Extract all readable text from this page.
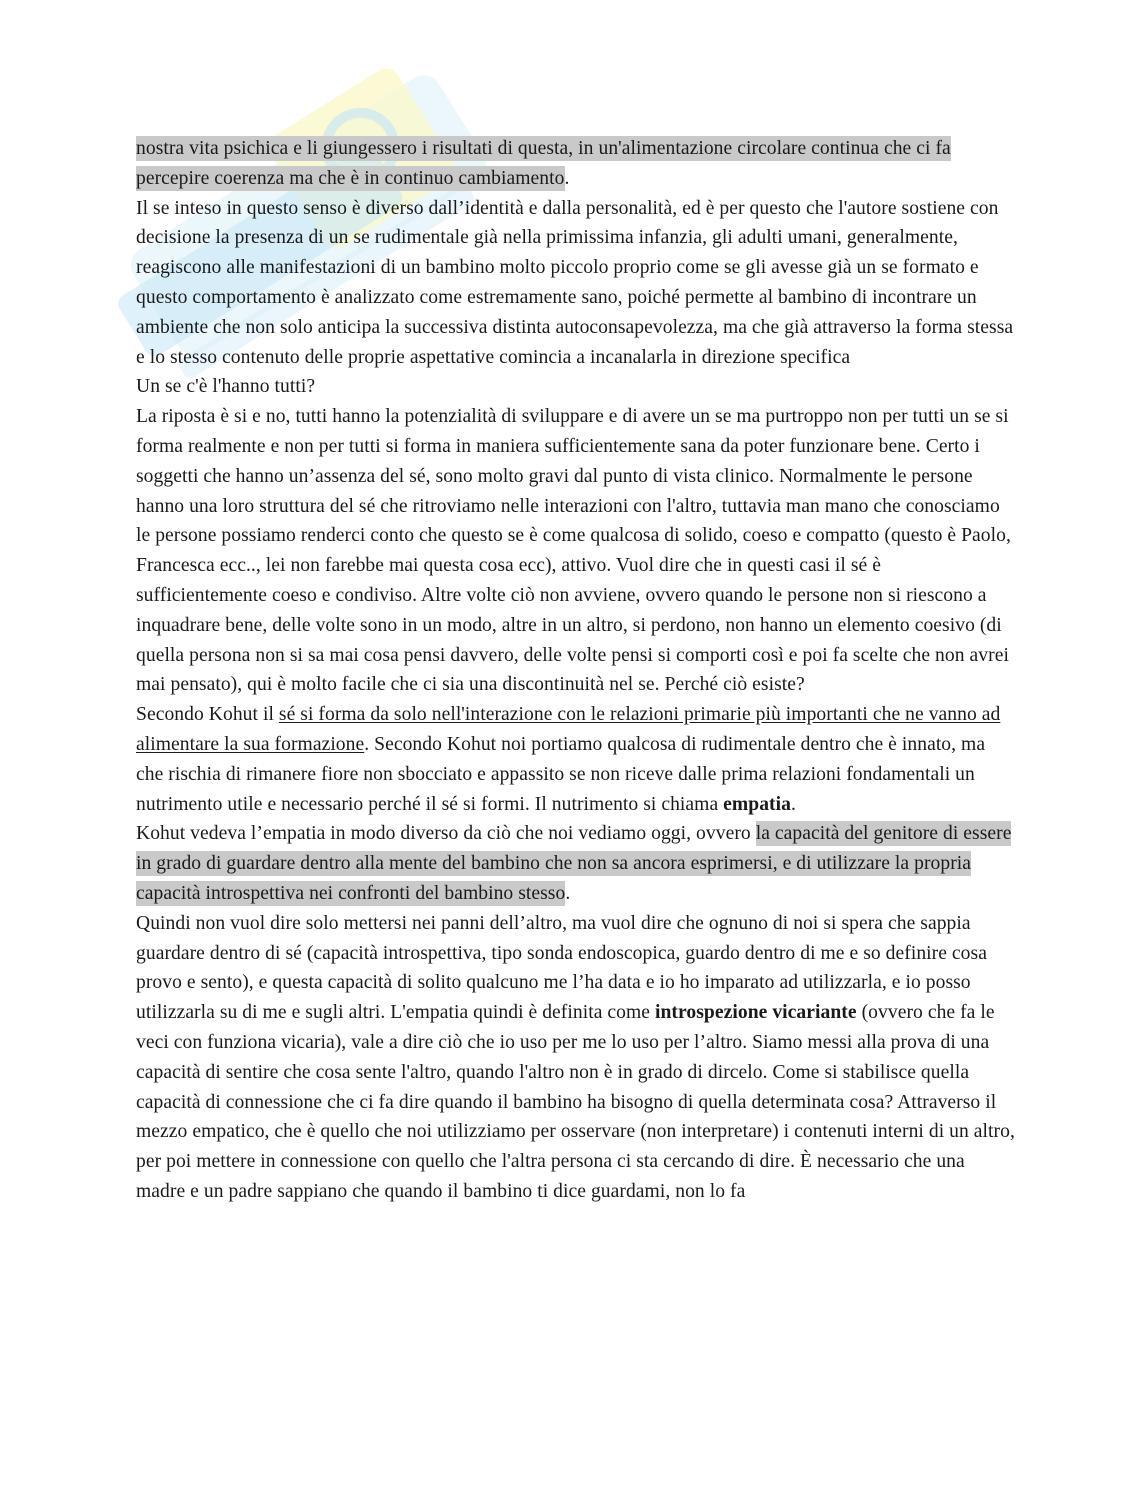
nostra vita psichica e li giungessero i risultati di questa, in un'alimentazione circolare continua che ci fa percepire coerenza ma che è in continuo cambiamento.

Il se inteso in questo senso è diverso dall’identità e dalla personalità, ed è per questo che l'autore sostiene con decisione la presenza di un se rudimentale già nella primissima infanzia, gli adulti umani, generalmente, reagiscono alle manifestazioni di un bambino molto piccolo proprio come se gli avesse già un se formato e questo comportamento è analizzato come estremamente sano, poiché permette al bambino di incontrare un ambiente che non solo anticipa la successiva distinta autoconsapevolezza, ma che già attraverso la forma stessa e lo stesso contenuto delle proprie aspettative comincia a incanalarla in direzione specifica

Un se c'è l'hanno tutti?

La riposta è si e no, tutti hanno la potenzialità di sviluppare e di avere un se ma purtroppo non per tutti un se si forma realmente e non per tutti si forma in maniera sufficientemente sana da poter funzionare bene. Certo i soggetti che hanno un’assenza del sé, sono molto gravi dal punto di vista clinico. Normalmente le persone hanno una loro struttura del sé che ritroviamo nelle interazioni con l'altro, tuttavia man mano che conosciamo le persone possiamo renderci conto che questo se è come qualcosa di solido, coeso e compatto (questo è Paolo, Francesca ecc.., lei non farebbe mai questa cosa ecc), attivo. Vuol dire che in questi casi il sé è sufficientemente coeso e condiviso. Altre volte ciò non avviene, ovvero quando le persone non si riescono a inquadrare bene, delle volte sono in un modo, altre in un altro, si perdono, non hanno un elemento coesivo (di quella persona non si sa mai cosa pensi davvero, delle volte pensi si comporti così e poi fa scelte che non avrei mai pensato), qui è molto facile che ci sia una discontinuità nel se. Perché ciò esiste?

Secondo Kohut il sé si forma da solo nell'interazione con le relazioni primarie più importanti che ne vanno ad alimentare la sua formazione. Secondo Kohut noi portiamo qualcosa di rudimentale dentro che è innato, ma che rischia di rimanere fiore non sbocciato e appassito se non riceve dalle prima relazioni fondamentali un nutrimento utile e necessario perché il sé si formi. Il nutrimento si chiama empatia.

Kohut vedeva l’empatia in modo diverso da ciò che noi vediamo oggi, ovvero la capacità del genitore di essere in grado di guardare dentro alla mente del bambino che non sa ancora esprimersi, e di utilizzare la propria capacità introspettiva nei confronti del bambino stesso.

Quindi non vuol dire solo mettersi nei panni dell’altro, ma vuol dire che ognuno di noi si spera che sappia guardare dentro di sé (capacità introspettiva, tipo sonda endoscopica, guardo dentro di me e so definire cosa provo e sento), e questa capacità di solito qualcuno me l’ha data e io ho imparato ad utilizzarla, e io posso utilizzarla su di me e sugli altri. L'empatia quindi è definita come introspezione vicariante (ovvero che fa le veci con funziona vicaria), vale a dire ciò che io uso per me lo uso per l’altro. Siamo messi alla prova di una capacità di sentire che cosa sente l'altro, quando l'altro non è in grado di dircelo. Come si stabilisce quella capacità di connessione che ci fa dire quando il bambino ha bisogno di quella determinata cosa? Attraverso il mezzo empatico, che è quello che noi utilizziamo per osservare (non interpretare) i contenuti interni di un altro, per poi mettere in connessione con quello che l'altra persona ci sta cercando di dire. È necessario che una madre e un padre sappiano che quando il bambino ti dice guardami, non lo fa
